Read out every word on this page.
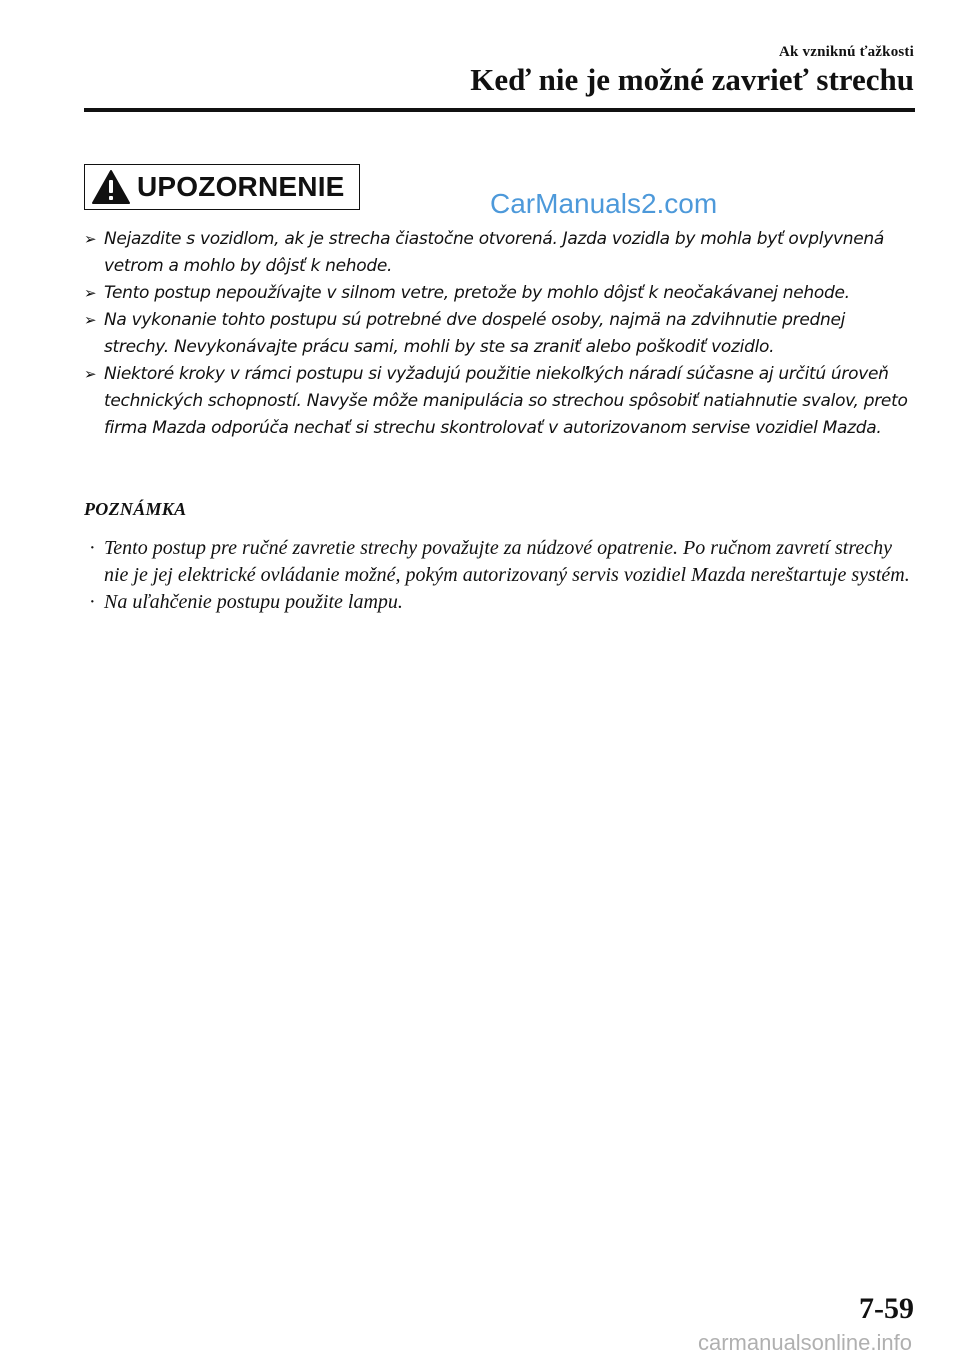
Ak vzniknú ťažkosti
Keď nie je možné zavrieť strechu
UPOZORNENIE
CarManuals2.com
➢ Nejazdite s vozidlom, ak je strecha čiastočne otvorená. Jazda vozidla by mohla byť ovplyvnená vetrom a mohlo by dôjsť k nehode.
➢ Tento postup nepoužívajte v silnom vetre, pretože by mohlo dôjsť k neočakávanej nehode.
➢ Na vykonanie tohto postupu sú potrebné dve dospelé osoby, najmä na zdvihnutie prednej strechy. Nevykonávajte prácu sami, mohli by ste sa zraniť alebo poškodiť vozidlo.
➢ Niektoré kroky v rámci postupu si vyžadujú použitie niekoľkých náradí súčasne aj určitú úroveň technických schopností. Navyše môže manipulácia so strechou spôsobiť natiahnutie svalov, preto firma Mazda odporúča nechať si strechu skontrolovať v autorizovanom servise vozidiel Mazda.
POZNÁMKA
· Tento postup pre ručné zavretie strechy považujte za núdzové opatrenie. Po ručnom zavretí strechy nie je jej elektrické ovládanie možné, pokým autorizovaný servis vozidiel Mazda nereštartuje systém.
· Na uľahčenie postupu použite lampu.
7-59
carmanualsonline.info
